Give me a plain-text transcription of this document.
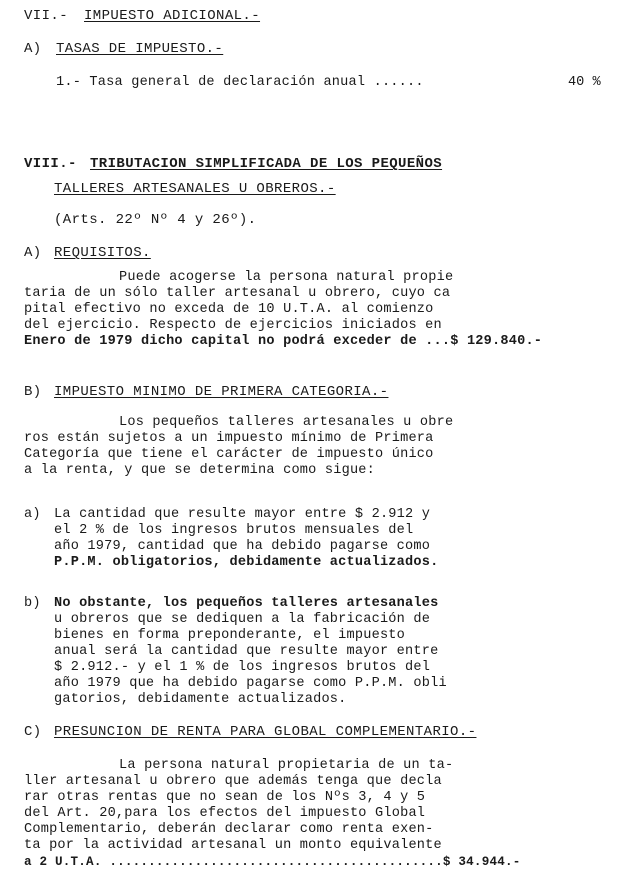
VII.- IMPUESTO ADICIONAL.-
A) TASAS DE IMPUESTO.-
1.- Tasa general de declaración anual ......	40 %
VIII.- TRIBUTACION SIMPLIFICADA DE LOS PEQUEÑOS
TALLERES ARTESANALES U OBREROS.-
(Arts. 22º Nº 4 y 26º).
A) REQUISITOS.
Puede acogerse la persona natural propie
taria de un sólo taller artesanal u obrero, cuyo ca
pital efectivo no exceda de 10 U.T.A. al comienzo
del ejercicio. Respecto de ejercicios iniciados en
Enero de 1979 dicho capital no podrá exceder de ...$ 129.840.-
B) IMPUESTO MINIMO DE PRIMERA CATEGORIA.-
Los pequeños talleres artesanales u obre
ros están sujetos a un impuesto mínimo de Primera
Categoría que tiene el carácter de impuesto único
a la renta, y que se determina como sigue:
a) La cantidad que resulte mayor entre $ 2.912 y
el 2 % de los ingresos brutos mensuales del
año 1979, cantidad que ha debido pagarse como
P.P.M. obligatorios, debidamente actualizados.
b) No obstante, los pequeños talleres artesanales
u obreros que se dediquen a la fabricación de
bienes en forma preponderante, el impuesto
anual será la cantidad que resulte mayor entre
$ 2.912.- y el 1 % de los ingresos brutos del
año 1979 que ha debido pagarse como P.P.M. obli
gatorios, debidamente actualizados.
C) PRESUNCION DE RENTA PARA GLOBAL COMPLEMENTARIO.-
La persona natural propietaria de un ta-
ller artesanal u obrero que además tenga que decla
rar otras rentas que no sean de los Nºs 3, 4 y 5
del Art. 20,para los efectos del impuesto Global
Complementario, deberán declarar como renta exen-
ta por la actividad artesanal un monto equivalente
a 2 U.T.A. ...........................................$ 34.944.-
